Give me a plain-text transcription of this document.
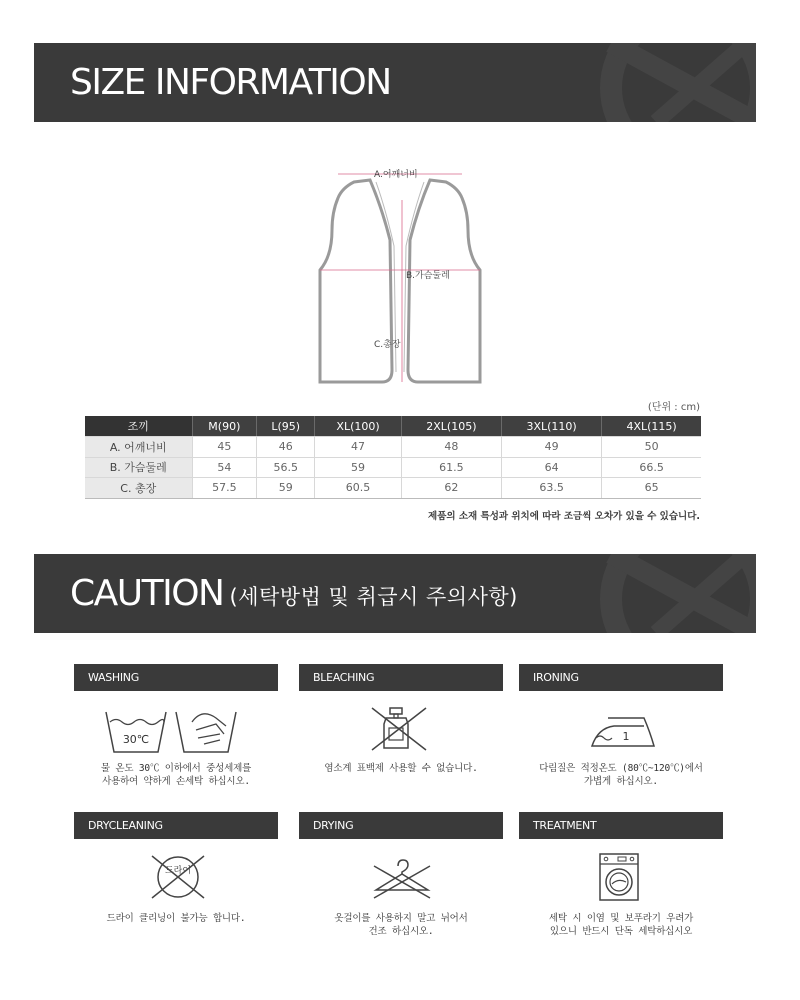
SIZE INFORMATION
A.어깨너비
B.가슴둘레
C.총장
(단위 : cm)
조끼	M(90)	L(95)	XL(100)	2XL(105)	3XL(110)	4XL(115)
A. 어깨너비	45	46	47	48	49	50
B. 가슴둘레	54	56.5	59	61.5	64	66.5
C. 총장	57.5	59	60.5	62	63.5	65
제품의 소재 특성과 위치에 따라 조금씩 오차가 있을 수 있습니다.
CAUTION (세탁방법 및 취급시 주의사항)
WASHING	BLEACHING	IRONING
30℃
물 온도 30℃ 이하에서 중성세제를
사용하여 약하게 손세탁 하십시오.
염소계 표백제 사용할 수 없습니다.
1
다림질은 적정온도 (80℃~120℃)에서
가볍게 하십시오.
DRYCLEANING	DRYING	TREATMENT
드라이
드라이 클리닝이 불가능 합니다.	옷걸이를 사용하지 말고 뉘어서
건조 하십시오.
세탁 시 이염 및 보푸라기 우려가
있으니 반드시 단독 세탁하십시오
